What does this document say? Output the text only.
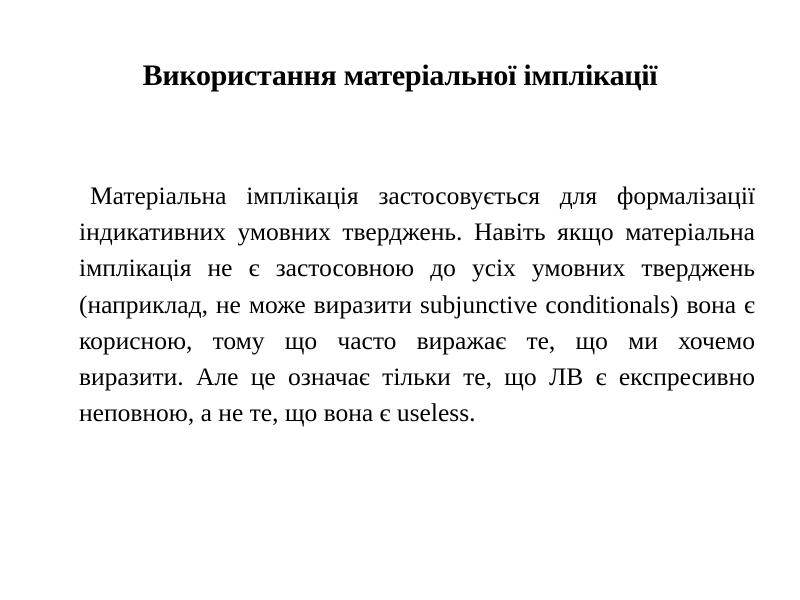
Використання матеріальної імплікації

Матеріальна імплікація застосовується для формалізації індикативних умовних тверджень. Навіть якщо матеріальна імплікація не є застосовною до усіх умовних тверджень (наприклад, не може виразити subjunctive conditionals) вона є корисною, тому що часто виражає те, що ми хочемо виразити. Але це означає тільки те, що ЛВ є експресивно неповною, а не те, що вона є useless.
